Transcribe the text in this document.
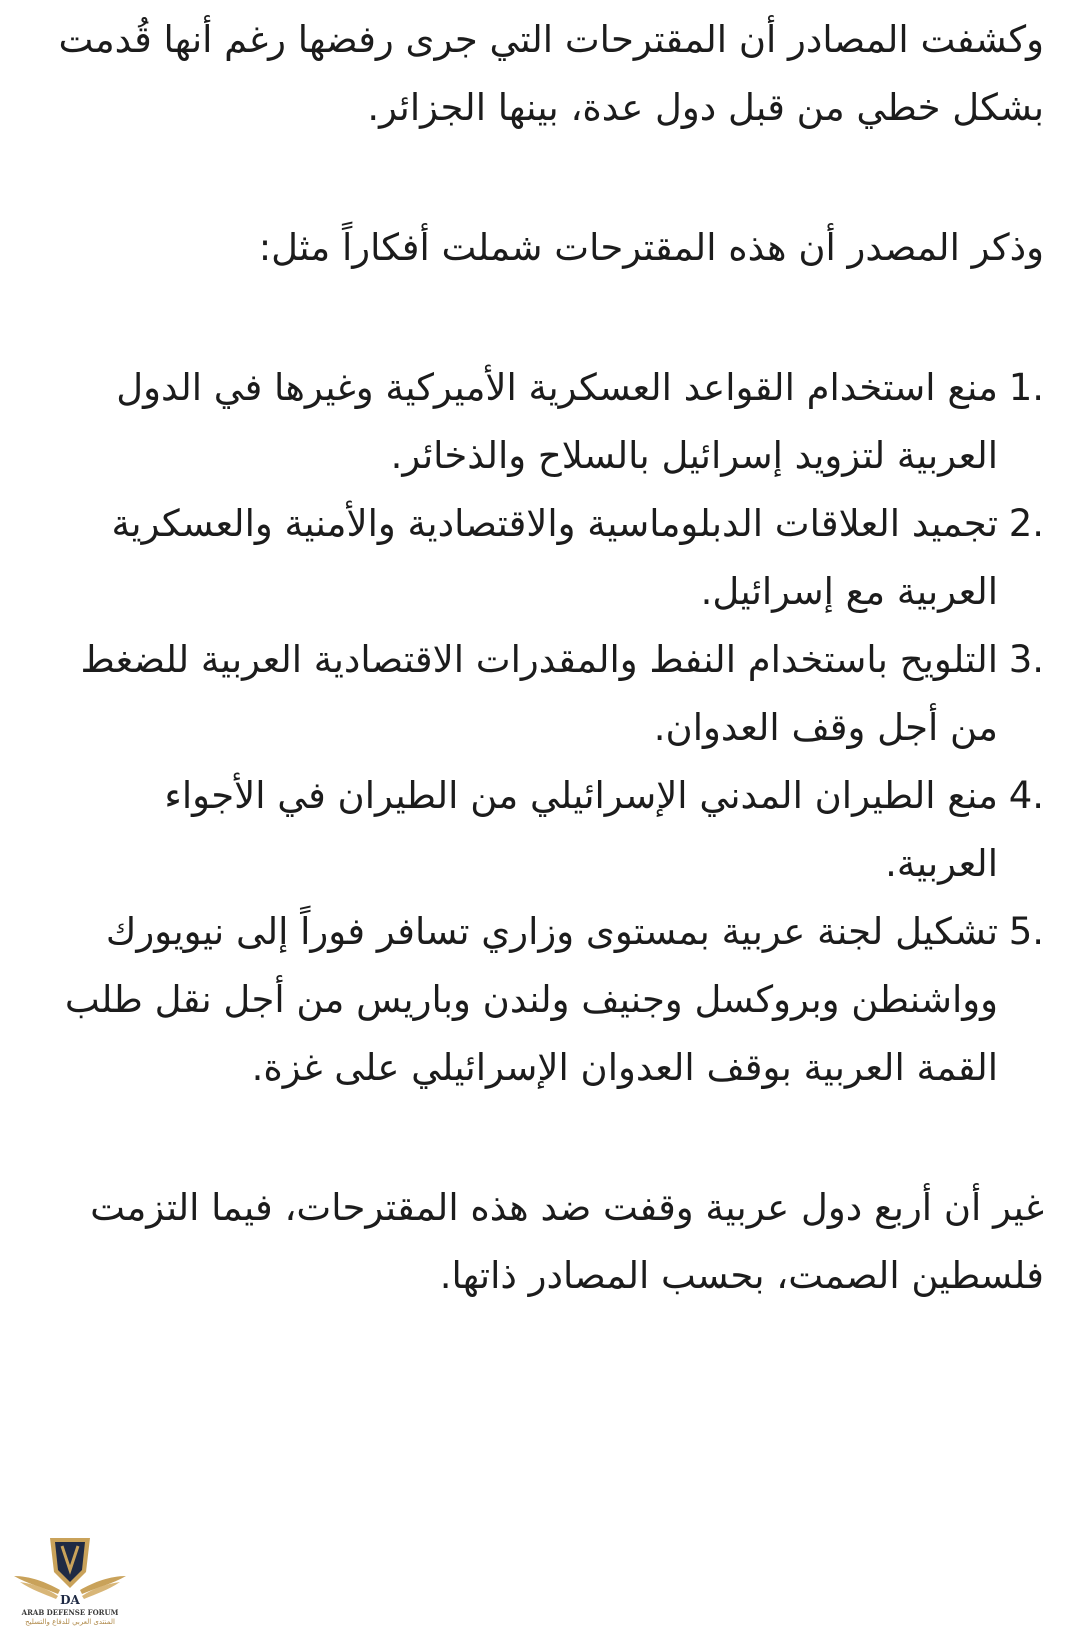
وكشفت المصادر أن المقترحات التي جرى رفضها رغم أنها قُدمت بشكل خطي من قبل دول عدة، بينها الجزائر.

وذكر المصدر أن هذه المقترحات شملت أفكاراً مثل:

1.
منع استخدام القواعد العسكرية الأميركية وغيرها في الدول العربية لتزويد إسرائيل بالسلاح والذخائر.
2.
تجميد العلاقات الدبلوماسية والاقتصادية والأمنية والعسكرية العربية مع إسرائيل.
3.
التلويح باستخدام النفط والمقدرات الاقتصادية العربية للضغط من أجل وقف العدوان.
4.
منع الطيران المدني الإسرائيلي من الطيران في الأجواء العربية.
5.
تشكيل لجنة عربية بمستوى وزاري تسافر فوراً إلى نيويورك وواشنطن وبروكسل وجنيف ولندن وباريس من أجل نقل طلب القمة العربية بوقف العدوان الإسرائيلي على غزة.

غير أن أربع دول عربية وقفت ضد هذه المقترحات، فيما التزمت فلسطين الصمت، بحسب المصادر ذاتها.

DA
ARAB DEFENSE FORUM
المنتدى العربي للدفاع والتسليح
